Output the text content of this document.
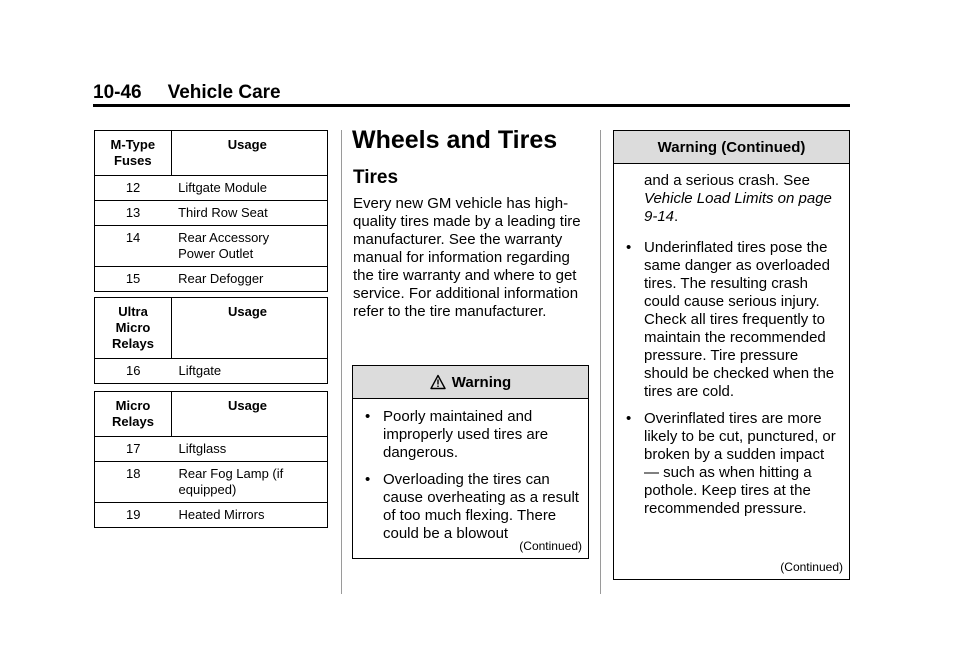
10-46 Vehicle Care
M-Type Fuses	Usage
12	Liftgate Module
13	Third Row Seat
14	Rear Accessory Power Outlet
15	Rear Defogger
Ultra Micro Relays	Usage
16	Liftgate
Micro Relays	Usage
17	Liftglass
18	Rear Fog Lamp (if equipped)
19	Heated Mirrors
Wheels and Tires
Tires
Every new GM vehicle has high-quality tires made by a leading tire manufacturer. See the warranty manual for information regarding the tire warranty and where to get service. For additional information refer to the tire manufacturer.
Warning
• Poorly maintained and improperly used tires are dangerous.
• Overloading the tires can cause overheating as a result of too much flexing. There could be a blowout
(Continued)
Warning (Continued)
and a serious crash. See Vehicle Load Limits on page 9-14.
• Underinflated tires pose the same danger as overloaded tires. The resulting crash could cause serious injury. Check all tires frequently to maintain the recommended pressure. Tire pressure should be checked when the tires are cold.
• Overinflated tires are more likely to be cut, punctured, or broken by a sudden impact — such as when hitting a pothole. Keep tires at the recommended pressure.
(Continued)
